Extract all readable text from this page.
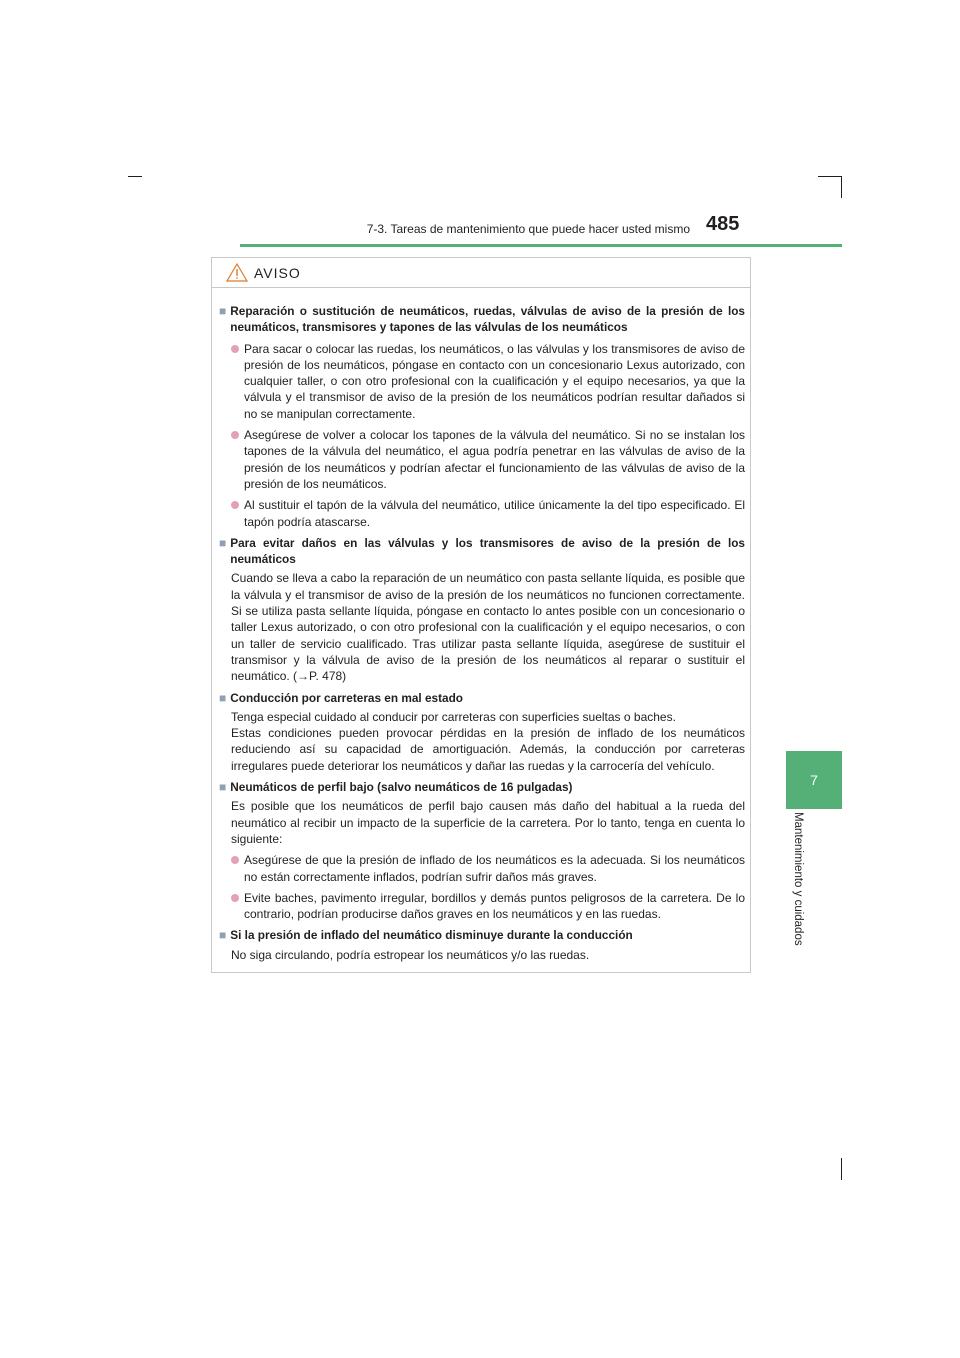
7-3. Tareas de mantenimiento que puede hacer usted mismo 485
7
Mantenimiento y cuidados
AVISO
■ Reparación o sustitución de neumáticos, ruedas, válvulas de aviso de la presión de los neumáticos, transmisores y tapones de las válvulas de los neumáticos
Para sacar o colocar las ruedas, los neumáticos, o las válvulas y los transmisores de aviso de presión de los neumáticos, póngase en contacto con un concesionario Lexus autorizado, con cualquier taller, o con otro profesional con la cualificación y el equipo necesarios, ya que la válvula y el transmisor de aviso de la presión de los neumáticos podrían resultar dañados si no se manipulan correctamente.
Asegúrese de volver a colocar los tapones de la válvula del neumático. Si no se instalan los tapones de la válvula del neumático, el agua podría penetrar en las válvulas de aviso de la presión de los neumáticos y podrían afectar el funcionamiento de las válvulas de aviso de la presión de los neumáticos.
Al sustituir el tapón de la válvula del neumático, utilice únicamente la del tipo especificado. El tapón podría atascarse.
■ Para evitar daños en las válvulas y los transmisores de aviso de la presión de los neumáticos
Cuando se lleva a cabo la reparación de un neumático con pasta sellante líquida, es posible que la válvula y el transmisor de aviso de la presión de los neumáticos no funcionen correctamente. Si se utiliza pasta sellante líquida, póngase en contacto lo antes posible con un concesionario o taller Lexus autorizado, o con otro profesional con la cualificación y el equipo necesarios, o con un taller de servicio cualificado. Tras utilizar pasta sellante líquida, asegúrese de sustituir el transmisor y la válvula de aviso de la presión de los neumáticos al reparar o sustituir el neumático. (→P. 478)
■ Conducción por carreteras en mal estado
Tenga especial cuidado al conducir por carreteras con superficies sueltas o baches.
Estas condiciones pueden provocar pérdidas en la presión de inflado de los neumáticos reduciendo así su capacidad de amortiguación. Además, la conducción por carreteras irregulares puede deteriorar los neumáticos y dañar las ruedas y la carrocería del vehículo.
■ Neumáticos de perfil bajo (salvo neumáticos de 16 pulgadas)
Es posible que los neumáticos de perfil bajo causen más daño del habitual a la rueda del neumático al recibir un impacto de la superficie de la carretera. Por lo tanto, tenga en cuenta lo siguiente:
Asegúrese de que la presión de inflado de los neumáticos es la adecuada. Si los neumáticos no están correctamente inflados, podrían sufrir daños más graves.
Evite baches, pavimento irregular, bordillos y demás puntos peligrosos de la carretera. De lo contrario, podrían producirse daños graves en los neumáticos y en las ruedas.
■ Si la presión de inflado del neumático disminuye durante la conducción
No siga circulando, podría estropear los neumáticos y/o las ruedas.
